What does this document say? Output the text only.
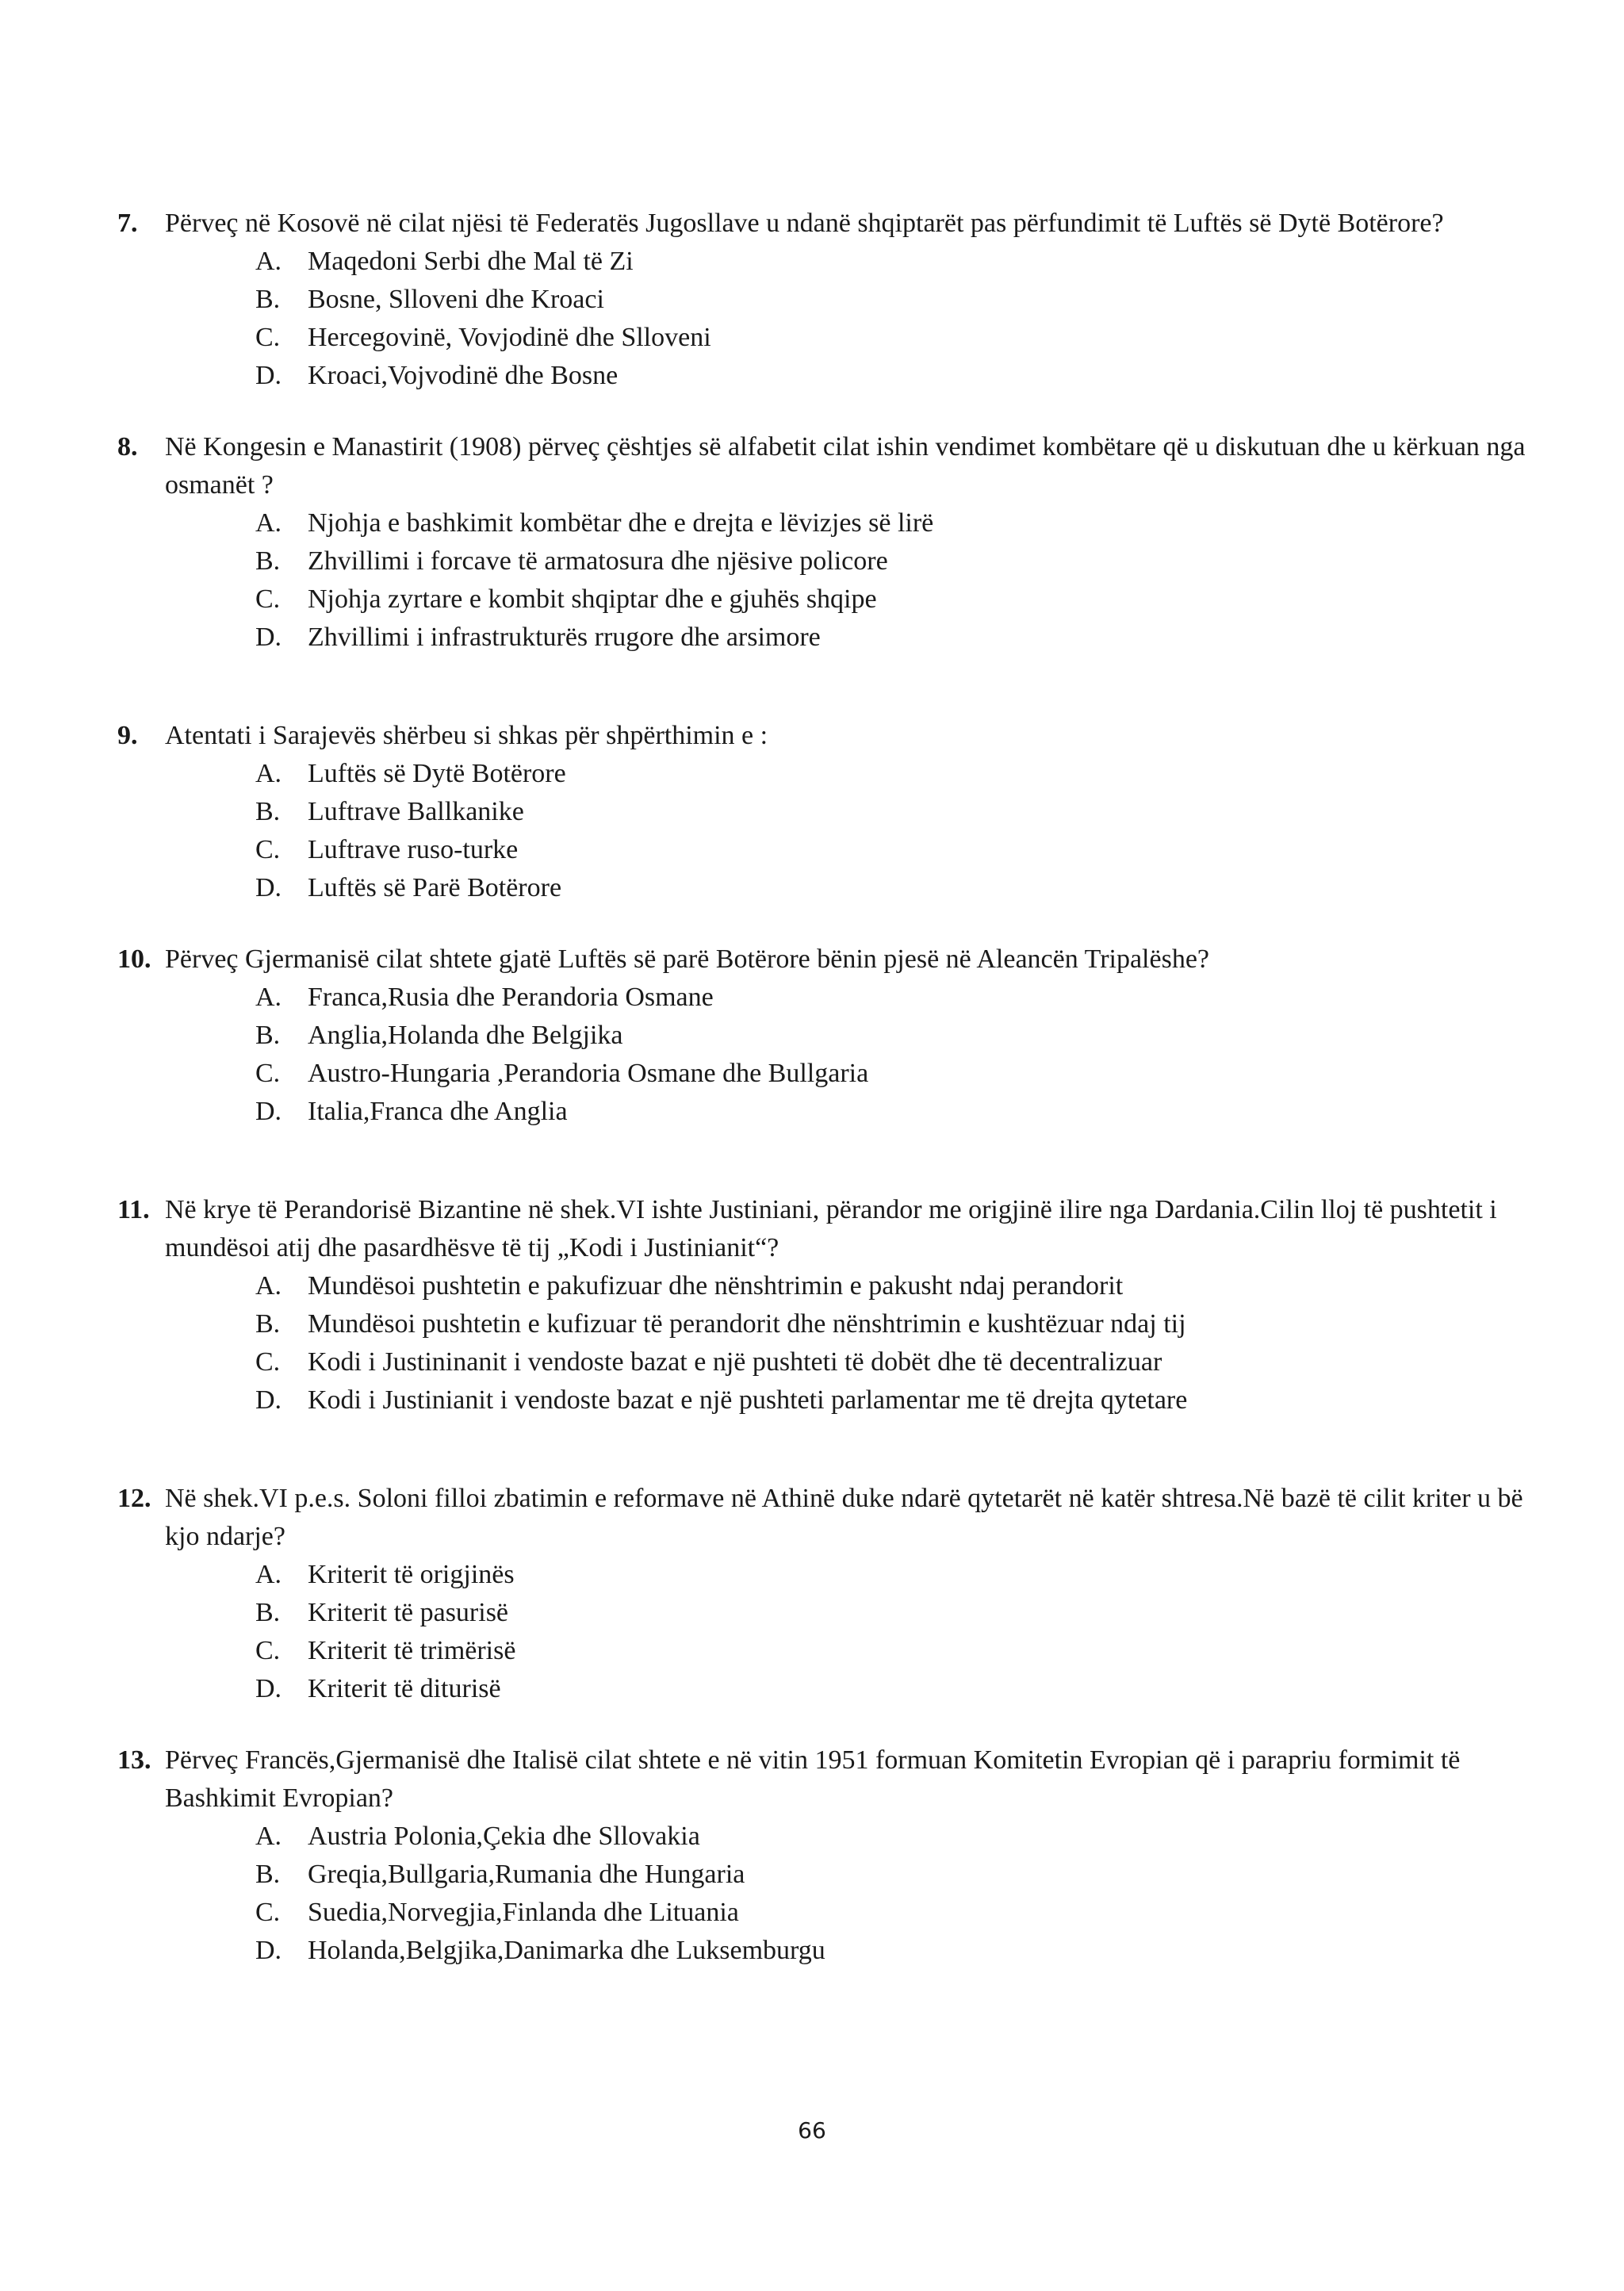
7. Përveç në Kosovë në cilat njësi të Federatës Jugosllave u ndanë shqiptarët pas përfundimit të Luftës së Dytë Botërore?
A. Maqedoni Serbi dhe Mal të Zi
B. Bosne, Slloveni dhe Kroaci
C. Hercegovinë, Vovjodinë dhe Slloveni
D. Kroaci,Vojvodinë dhe Bosne
8. Në Kongesin e Manastirit (1908) përveç çështjes së alfabetit cilat ishin vendimet kombëtare që u diskutuan dhe u kërkuan nga osmanët ?
A. Njohja e bashkimit kombëtar dhe e drejta e lëvizjes së lirë
B. Zhvillimi i forcave të armatosura dhe njësive policore
C. Njohja zyrtare e kombit shqiptar dhe e gjuhës shqipe
D. Zhvillimi i infrastrukturës rrugore dhe arsimore
9. Atentati i Sarajevës shërbeu si shkas për shpërthimin e :
A. Luftës së Dytë Botërore
B. Luftrave Ballkanike
C. Luftrave ruso-turke
D. Luftës së Parë Botërore
10. Përveç Gjermanisë cilat shtete gjatë Luftës së parë Botërore bënin pjesë në Aleancën Tripalëshe?
A. Franca,Rusia dhe Perandoria Osmane
B. Anglia,Holanda dhe Belgjika
C. Austro-Hungaria ,Perandoria Osmane dhe Bullgaria
D. Italia,Franca dhe Anglia
11. Në krye të Perandorisë Bizantine në shek.VI ishte Justiniani, përandor me origjinë ilire nga Dardania.Cilin lloj të pushtetit i mundësoi atij dhe pasardhësve të tij „Kodi i Justinianit“?
A. Mundësoi pushtetin e pakufizuar dhe nënshtrimin e pakusht ndaj perandorit
B. Mundësoi pushtetin e kufizuar të perandorit dhe nënshtrimin e kushtëzuar ndaj tij
C. Kodi i Justininanit i vendoste bazat e një pushteti të dobët dhe të decentralizuar
D. Kodi i Justinianit i vendoste bazat e një pushteti parlamentar me të drejta qytetare
12. Në shek.VI p.e.s. Soloni filloi zbatimin e reformave në Athinë duke ndarë qytetarët në katër shtresa.Në bazë të cilit kriter u bë kjo ndarje?
A. Kriterit të origjinës
B. Kriterit të pasurisë
C. Kriterit të trimërisë
D. Kriterit të diturisë
13. Përveç Francës,Gjermanisë dhe Italisë cilat shtete e në vitin 1951 formuan Komitetin Evropian që i parapriu formimit të Bashkimit Evropian?
A. Austria Polonia,Çekia dhe Sllovakia
B. Greqia,Bullgaria,Rumania dhe Hungaria
C. Suedia,Norvegjia,Finlanda dhe Lituania
D. Holanda,Belgjika,Danimarka dhe Luksemburgu
66
